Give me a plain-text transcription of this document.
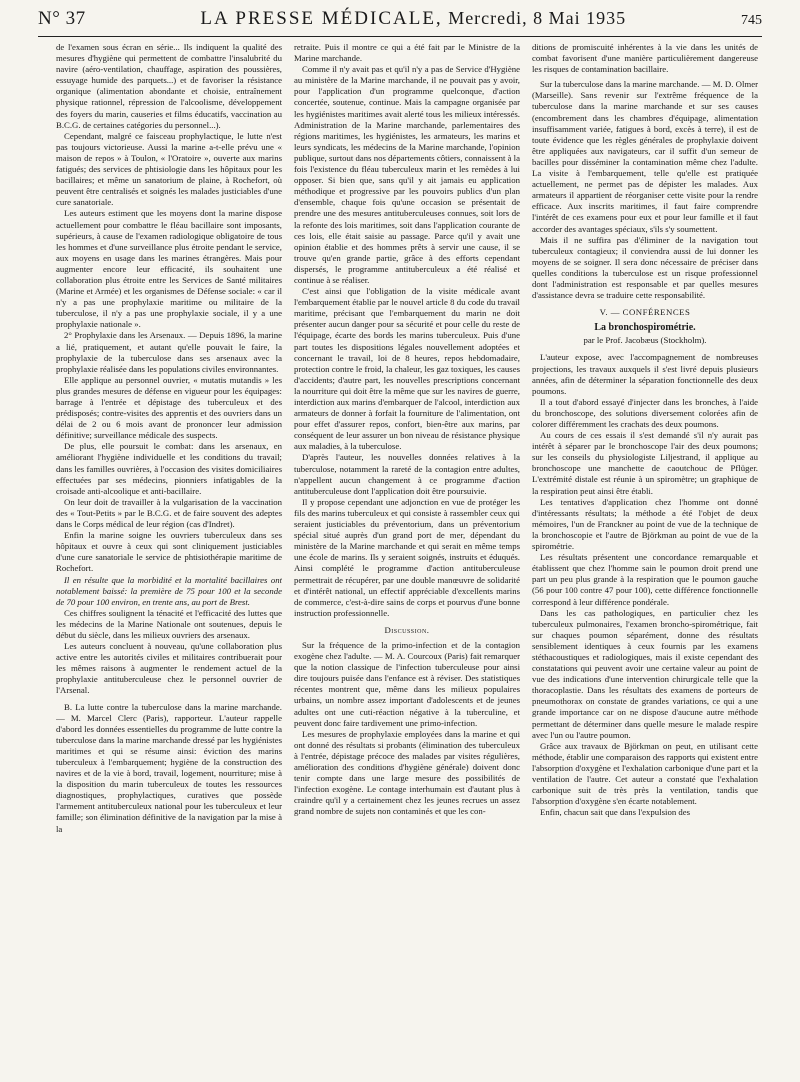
N° 37	LA PRESSE MÉDICALE, Mercredi, 8 Mai 1935	745

de l'examen sous écran en série... Ils indiquent la qualité des mesures d'hygiène qui permettent de combattre l'insalubrité du navire (aéro-ventilation, chauffage, aspiration des poussières, essuyage humide des parquets...) et de favoriser la résistance organique (alimentation abondante et choisie, entraînement physique rationnel, répression de l'alcoolisme, développement des foyers du marin, causeries et films éducatifs, vaccination au B.C.G. de certaines catégories du personnel...).

Cependant, malgré ce faisceau prophylactique, le lutte n'est pas toujours victorieuse. Aussi la marine a-t-elle prévu une « maison de repos » à Toulon, « l'Oratoire », ouverte aux marins fatigués; des services de phtisiologie dans les hôpitaux pour les bacillaires; et même un sanatorium de plaine, à Rochefort, où peuvent être centralisés et soignés les malades justiciables d'une cure sanatoriale.

Les auteurs estiment que les moyens dont la marine dispose actuellement pour combattre le fléau bacillaire sont imposants, supérieurs, à cause de l'examen radiologique obligatoire de tous les hommes et d'une surveillance plus étroite pendant le service, aux moyens en usage dans les marines étrangères. Mais pour augmenter encore leur efficacité, ils souhaitent une collaboration plus étroite entre les Services de Santé militaires (Marine et Armée) et les organismes de Défense sociale: « car il n'y a pas une prophylaxie maritime ou militaire de la tuberculose, il n'y a pas une prophylaxie sociale, il y a une prophylaxie nationale ».

2° Prophylaxie dans les Arsenaux. — Depuis 1896, la marine a lié, pratiquement, et autant qu'elle pouvait le faire, la prophylaxie de la tuberculose dans ses arsenaux avec la prophylaxie réalisée dans les populations civiles environnantes.

Elle applique au personnel ouvrier, « mutatis mutandis » les plus grandes mesures de défense en vigueur pour les équipages: barrage à l'entrée et dépistage des tuberculeux et des prédisposés; contre-visites des apprentis et des ouvriers dans un délai de 2 ou 6 mois avant de prononcer leur admission définitive; surveillance médicale des suspects.

De plus, elle poursuit le combat: dans les arsenaux, en améliorant l'hygiène individuelle et les conditions du travail; dans les familles ouvrières, à l'occasion des visites domiciliaires effectuées par ses médecins, pionniers infatigables de la croisade anti-alcoolique et anti-bacillaire.

On leur doit de travailler à la vulgarisation de la vaccination des « Tout-Petits » par le B.C.G. et de faire souvent des adeptes dans le Corps médical de leur région (cas d'Indret).

Enfin la marine soigne les ouvriers tuberculeux dans ses hôpitaux et ouvre à ceux qui sont cliniquement justiciables d'une cure sanatoriale le service de phtisiothérapie maritime de Rochefort.

Il en résulte que la morbidité et la mortalité bacillaires ont notablement baissé: la première de 75 pour 100 et la seconde de 70 pour 100 environ, en trente ans, au port de Brest.

Ces chiffres soulignent la ténacité et l'efficacité des luttes que les médecins de la Marine Nationale ont soutenues, depuis le début du siècle, dans les milieux ouvriers des arsenaux.

Les auteurs concluent à nouveau, qu'une collaboration plus active entre les autorités civiles et militaires contribuerait pour les mêmes raisons à augmenter le rendement actuel de la prophylaxie antituberculeuse chez le personnel ouvrier de l'Arsenal.

B. La lutte contre la tuberculose dans la marine marchande. — M. Marcel Clerc (Paris), rapporteur. L'auteur rappelle d'abord les données essentielles du programme de lutte contre la tuberculose dans la marine marchande dressé par les hygiénistes maritimes et qui se résume ainsi: éviction des marins tuberculeux à l'embarquement; hygiène de la construction des navires et de la vie à bord, travail, logement, nourriture; mise à la disposition du marin tuberculeux de toutes les ressources diagnostiques, prophylactiques, curatives que possède l'armement antituberculeux national pour les tuberculeux et leur famille; son élimination définitive de la navigation par la mise à la

retraite. Puis il montre ce qui a été fait par le Ministre de la Marine marchande.

Comme il n'y avait pas et qu'il n'y a pas de Service d'Hygiène au ministère de la Marine marchande, il ne pouvait pas y avoir, pour l'application d'un programme quelconque, d'action concertée, soutenue, continue. Mais la campagne organisée par les hygiénistes maritimes avait alerté tous les milieux intéressés. Administration de la Marine marchande, parlementaires des régions maritimes, les hygiénistes, les armateurs, les marins et leurs syndicats, les médecins de la Marine marchande, l'opinion publique, surtout dans nos départements côtiers, connaissent à la fois l'existence du fléau tuberculeux marin et les remèdes à lui opposer. Si bien que, sans qu'il y ait jamais eu application méthodique et progressive par les pouvoirs publics d'un plan d'ensemble, chaque fois qu'une occasion se présentait de prendre une des mesures antituberculeuses connues, soit lors de la refonte des lois maritimes, soit dans l'application courante de ces lois, elle était saisie au passage. Parce qu'il y avait une opinion établie et des hommes prêts à servir une cause, il se trouve qu'en grande partie, grâce à des efforts cependant dispersés, le programme antituberculeux a été réalisé et continue à se réaliser.

C'est ainsi que l'obligation de la visite médicale avant l'embarquement établie par le nouvel article 8 du code du travail maritime, précisant que l'embarquement du marin ne doit présenter aucun danger pour sa sécurité et pour celle du reste de l'équipage, écarte des bords les marins tuberculeux. Puis d'une part toutes les dispositions légales nouvellement adoptées et concernant le travail, loi de 8 heures, repos hebdomadaire, protection contre le froid, la chaleur, les gaz toxiques, les causes d'accidents; d'autre part, les nouvelles prescriptions concernant la nourriture qui doit être la même que sur les navires de guerre, interdiction aux marins d'embarquer de l'alcool, interdiction aux armateurs de donner à forfait la fourniture de l'alimentation, ont pour effet d'assurer repos, confort, bien-être aux marins, par conséquent de leur assurer un bon niveau de résistance physique aux maladies, à la tuberculose.

D'après l'auteur, les nouvelles données relatives à la tuberculose, notamment la rareté de la contagion entre adultes, n'appellent aucun changement à ce programme d'action antituberculeuse dont l'application doit être poursuivie.

Il y propose cependant une adjonction en vue de protéger les fils des marins tuberculeux et qui consiste à rassembler ceux qui seraient justiciables du préventorium, dans un préventorium spécial situé auprès d'un grand port de mer, dépendant du ministère de la Marine marchande et qui serait en même temps une école de marins. Ils y seraient soignés, instruits et éduqués. Ainsi complété le programme d'action antituberculeuse permettrait de récupérer, par une double manœuvre de solidarité et d'intérêt national, un effectif appréciable d'excellents marins de commerce, c'est-à-dire sains de corps et pourvus d'une bonne instruction professionnelle.

Discussion.

Sur la fréquence de la primo-infection et de la contagion exogène chez l'adulte. — M. A. Courcoux (Paris) fait remarquer que la notion classique de l'infection tuberculeuse pour ainsi dire toujours puisée dans l'enfance est à réviser. Des statistiques récentes montrent que, même dans les milieux populaires urbains, un nombre assez important d'adolescents et de jeunes adultes ont une cuti-réaction négative à la tuberculine, et peuvent donc faire tardivement une primo-infection.

Les mesures de prophylaxie employées dans la marine et qui ont donné des résultats si probants (élimination des tuberculeux à l'entrée, dépistage précoce des malades par visites régulières, amélioration des conditions d'hygiène générale) doivent donc tenir compte dans une large mesure des possibilités de l'infection exogène. Le contage interhumain est d'autant plus à craindre qu'il y a certainement chez les jeunes recrues un assez grand nombre de sujets non contaminés et que les con-

ditions de promiscuité inhérentes à la vie dans les unités de combat favorisent d'une manière particulièrement dangereuse les risques de contamination bacillaire.

Sur la tuberculose dans la marine marchande. — M. D. Olmer (Marseille). Sans revenir sur l'extrême fréquence de la tuberculose dans la marine marchande et sur ses causes (encombrement dans les chambres d'équipage, alimentation insuffisamment variée, fatigues à bord, excès à terre), il est de toute évidence que les règles générales de prophylaxie doivent être appliquées aux navigateurs, car il suffit d'un semeur de bacilles pour disséminer la contamination même chez l'adulte. La visite à l'embarquement, telle qu'elle est pratiquée actuellement, ne permet pas de dépister les malades. Aux armateurs il appartient de réorganiser cette visite pour la rendre efficace. Aux inscrits maritimes, il faut faire comprendre l'intérêt de ces examens pour eux et pour leur famille et il faut accorder des avantages spéciaux, s'ils s'y soumettent.

Mais il ne suffira pas d'éliminer de la navigation tout tuberculeux contagieux; il conviendra aussi de lui donner les moyens de se soigner. Il sera donc nécessaire de préciser dans quelles conditions la tuberculose est un risque professionnel dont l'administration est responsable et par quelles mesures d'assistance devra se traduire cette responsabilité.

V. — CONFÉRENCES

La bronchospirométrie.

par le Prof. Jacobæus (Stockholm).

L'auteur expose, avec l'accompagnement de nombreuses projections, les travaux auxquels il s'est livré depuis plusieurs années, afin de déterminer la séparation fonctionnelle des deux poumons.

Il a tout d'abord essayé d'injecter dans les bronches, à l'aide du bronchoscope, des solutions diversement colorées afin de colorer différemment les crachats des deux poumons.

Au cours de ces essais il s'est demandé s'il n'y aurait pas intérêt à séparer par le bronchoscope l'air des deux poumons; sur les conseils du physiologiste Liljestrand, il applique au bronchoscope une manchette de caoutchouc de Pflüger. L'extrémité distale est réunie à un spiromètre; un graphique de la respiration peut ainsi être établi.

Les tentatives d'application chez l'homme ont donné d'intéressants résultats; la méthode a été l'objet de deux mémoires, l'un de Franckner au point de vue de la technique de la bronchoscopie et l'autre de Björkman au point de vue de la spirométrie.

Les résultats présentent une concordance remarquable et établissent que chez l'homme sain le poumon droit prend une part un peu plus grande à la respiration que le poumon gauche (56 pour 100 contre 47 pour 100), cette différence fonctionnelle correspond à leur différence pondérale.

Dans les cas pathologiques, en particulier chez les tuberculeux pulmonaires, l'examen broncho-spirométrique, fait sur chaques poumon séparément, donne des résultats sensiblement identiques à ceux fournis par les examens stéthacoustiques et radiologiques, mais il existe cependant des constatations qui peuvent avoir une certaine valeur au point de vue des indications d'une intervention chirurgicale telle que la thoracoplastie. Dans les résultats des examens de porteurs de pneumothorax on constate de grandes variations, ce qui a une grande importance car on ne dispose d'aucune autre méthode permettant de déterminer dans quelle mesure le malade respire avec l'un ou l'autre poumon.

Grâce aux travaux de Björkman on peut, en utilisant cette méthode, établir une comparaison des rapports qui existent entre l'absorption d'oxygène et l'exhalation carbonique d'une part et la ventilation de l'autre. Cet auteur a constaté que l'exhalation carbonique suit de très près la ventilation, tandis que l'absorption d'oxygène s'en écarte notablement.

Enfin, chacun sait que dans l'expulsion des
